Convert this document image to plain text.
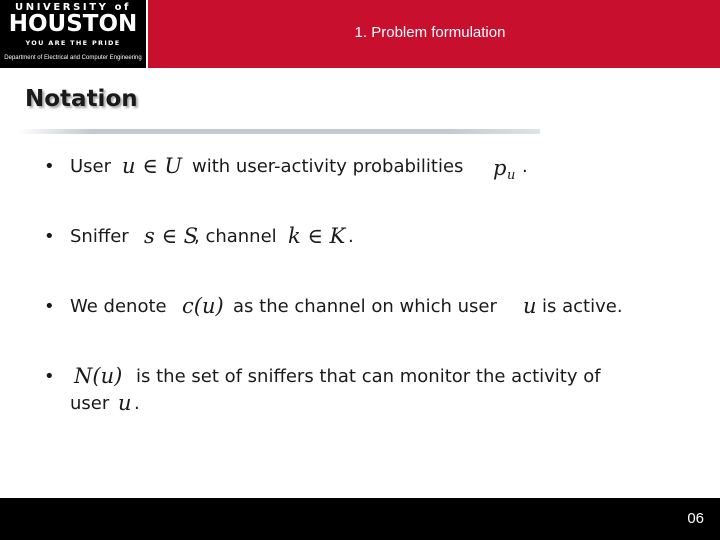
UNIVERSITY of
HOUSTON
YOU ARE THE PRIDE
Department of Electrical and Computer Engineering
1. Problem formulation
Notation
• User u ∈ U with user-activity probabilities p u .
• Sniffer s ∈ S
, channel k ∈ K .
• We denote c(u) as the channel on which user u is active.
• N(u) is the set of sniffers that can monitor the activity of
user u .
06
